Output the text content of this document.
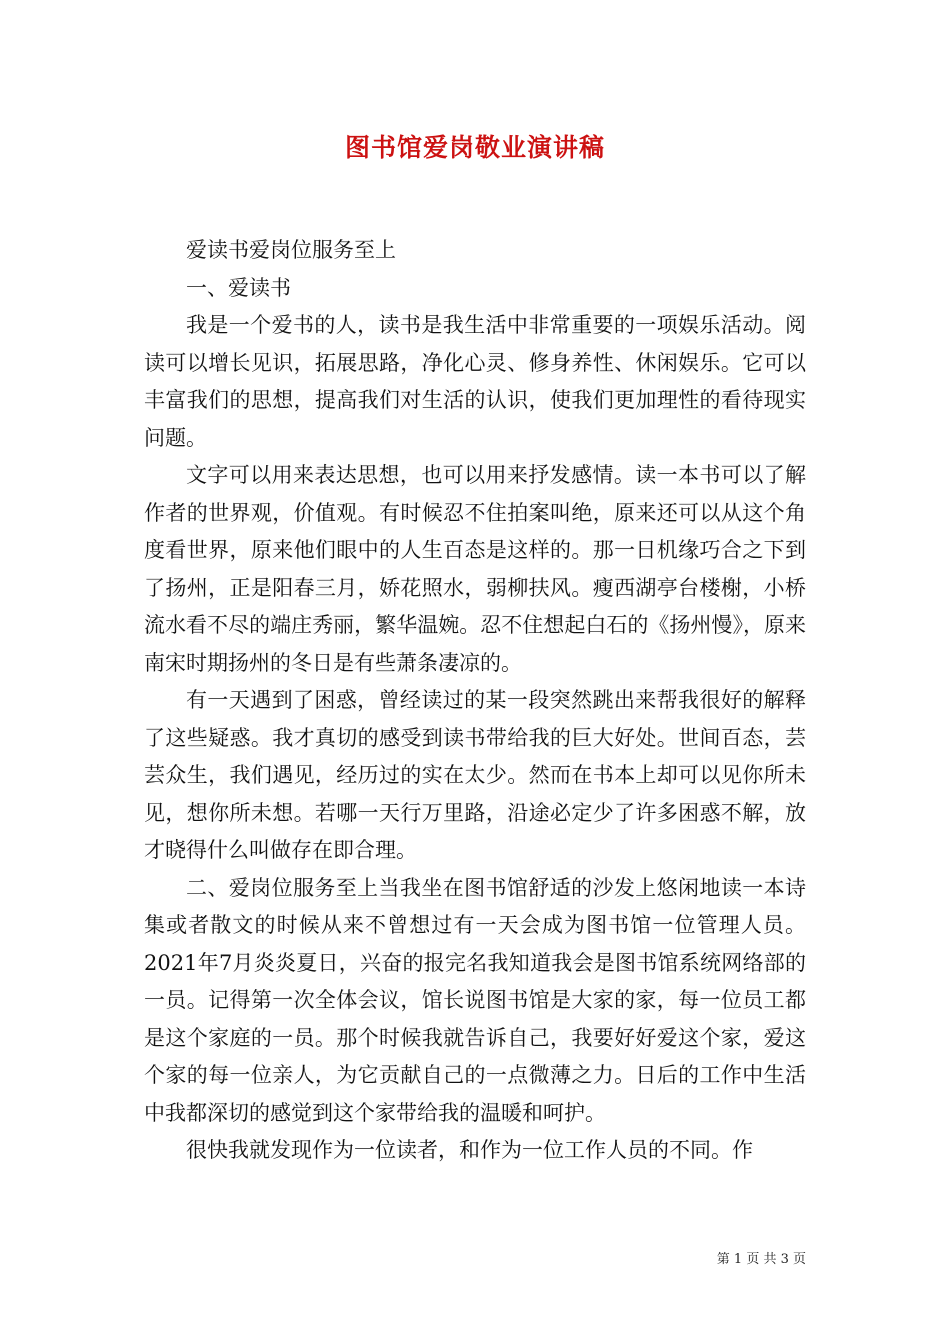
图书馆爱岗敬业演讲稿

爱读书爱岗位服务至上

一、爱读书

我是一个爱书的人，读书是我生活中非常重要的一项娱乐活动。阅读可以增长见识，拓展思路，净化心灵、修身养性、休闲娱乐。它可以丰富我们的思想，提高我们对生活的认识，使我们更加理性的看待现实问题。

文字可以用来表达思想，也可以用来抒发感情。读一本书可以了解作者的世界观，价值观。有时候忍不住拍案叫绝，原来还可以从这个角度看世界，原来他们眼中的人生百态是这样的。那一日机缘巧合之下到了扬州，正是阳春三月，娇花照水，弱柳扶风。瘦西湖亭台楼榭，小桥流水看不尽的端庄秀丽，繁华温婉。忍不住想起白石的《扬州慢》，原来南宋时期扬州的冬日是有些萧条凄凉的。

有一天遇到了困惑，曾经读过的某一段突然跳出来帮我很好的解释了这些疑惑。我才真切的感受到读书带给我的巨大好处。世间百态，芸芸众生，我们遇见，经历过的实在太少。然而在书本上却可以见你所未见，想你所未想。若哪一天行万里路，沿途必定少了许多困惑不解，放才晓得什么叫做存在即合理。

二、爱岗位服务至上当我坐在图书馆舒适的沙发上悠闲地读一本诗集或者散文的时候从来不曾想过有一天会成为图书馆一位管理人员。2021年7月炎炎夏日，兴奋的报完名我知道我会是图书馆系统网络部的一员。记得第一次全体会议，馆长说图书馆是大家的家，每一位员工都是这个家庭的一员。那个时候我就告诉自己，我要好好爱这个家，爱这个家的每一位亲人，为它贡献自己的一点微薄之力。日后的工作中生活中我都深切的感觉到这个家带给我的温暖和呵护。

很快我就发现作为一位读者，和作为一位工作人员的不同。作

第 1 页 共 3 页
